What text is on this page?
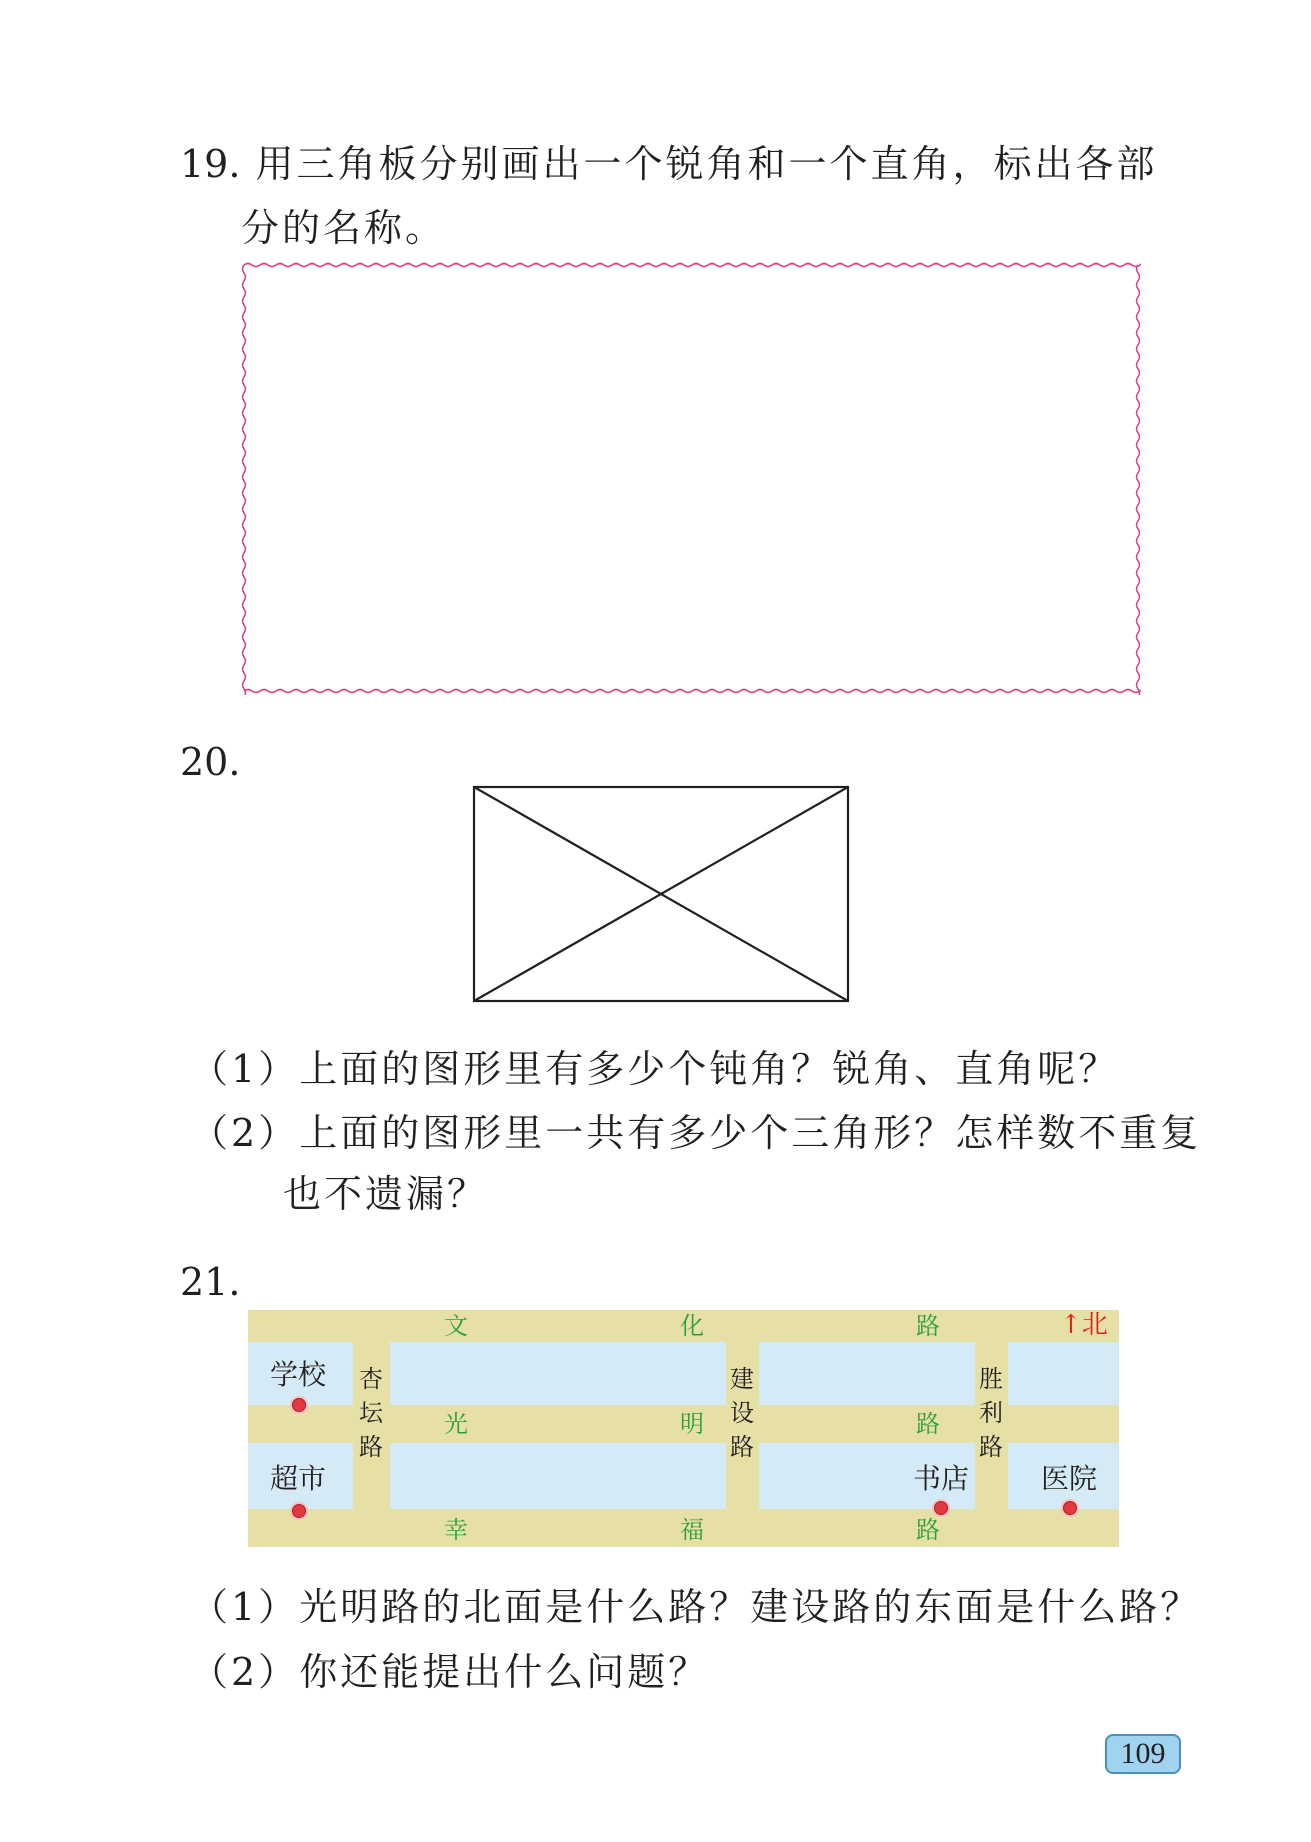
19. 用三角板分别画出一个锐角和一个直角，标出各部
分的名称。
20.
（1）上面的图形里有多少个钝角？锐角、直角呢？
（2）上面的图形里一共有多少个三角形？怎样数不重复
也不遗漏？
21.
文	化	路	↑北
光	明	路
幸	福	路
杏坛路
建设路
胜利路
学校
超市	书店	医院
（1）光明路的北面是什么路？建设路的东面是什么路？
（2）你还能提出什么问题？
109
